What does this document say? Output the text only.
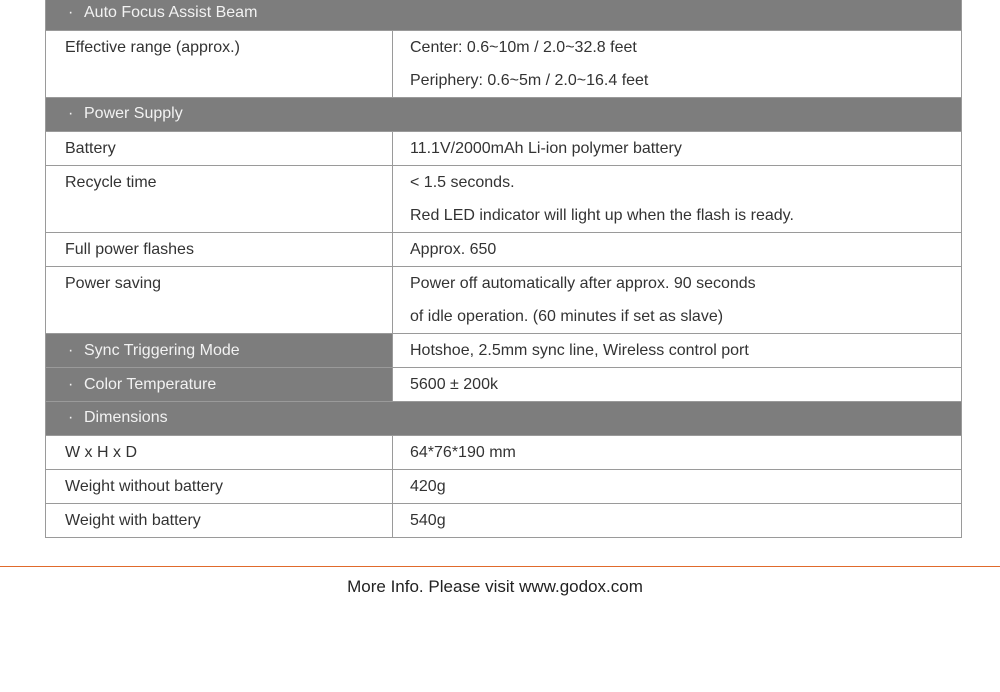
· Auto Focus Assist Beam	

Effective range (approx.)	Center: 0.6~10m / 2.0~32.8 feet
Periphery: 0.6~5m / 2.0~16.4 feet

· Power Supply	

Battery	11.1V/2000mAh Li-ion polymer battery

Recycle time	< 1.5 seconds.
Red LED indicator will light up when the flash is ready.

Full power flashes	Approx. 650

Power saving	Power off automatically after approx. 90 seconds
of idle operation. (60 minutes if set as slave)

· Sync Triggering Mode	Hotshoe, 2.5mm sync line, Wireless control port

· Color Temperature	5600 ± 200k

· Dimensions	

W x H x D	64*76*190 mm

Weight without battery	420g

Weight with battery	540g
More Info. Please visit www.godox.com
